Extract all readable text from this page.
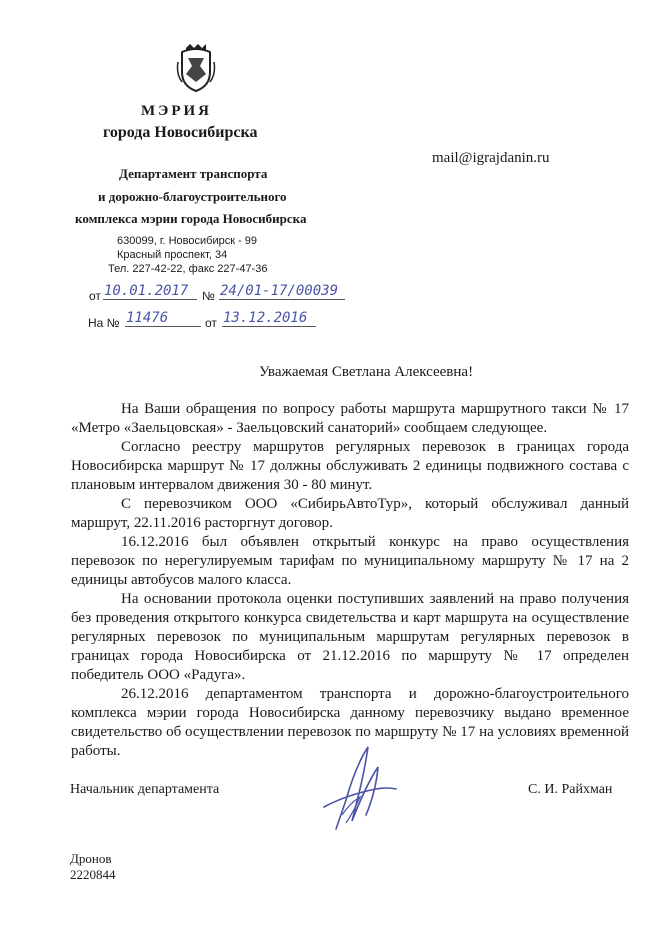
МЭРИЯ
города Новосибирска
Департамент транспорта
и дорожно-благоустроительного
комплекса мэрии города Новосибирска
630099, г. Новосибирск - 99
Красный проспект, 34
Тел. 227-42-22, факс 227-47-36
mail@igrajdanin.ru
от 10.01.2017	№ 24/01-17/00039
На № 11476	от 13.12.2016
Уважаемая Светлана Алексеевна!

На Ваши обращения по вопросу работы маршрута маршрутного такси № 17 «Метро «Заельцовская» - Заельцовский санаторий» сообщаем следующее.

Согласно реестру маршрутов регулярных перевозок в границах города Новосибирска маршрут № 17 должны обслуживать 2 единицы подвижного состава с плановым интервалом движения 30 - 80 минут.

С перевозчиком ООО «СибирьАвтоТур», который обслуживал данный маршрут, 22.11.2016 расторгнут договор.

16.12.2016 был объявлен открытый конкурс на право осуществления перевозок по нерегулируемым тарифам по муниципальному маршруту № 17 на 2 единицы автобусов малого класса.

На основании протокола оценки поступивших заявлений на право получения без проведения открытого конкурса свидетельства и карт маршрута на осуществление регулярных перевозок по муниципальным маршрутам регулярных перевозок в границах города Новосибирска от 21.12.2016 по маршруту № 17 определен победитель ООО «Радуга».

26.12.2016 департаментом транспорта и дорожно-благоустроительного комплекса мэрии города Новосибирска данному перевозчику выдано временное свидетельство об осуществлении перевозок по маршруту № 17 на условиях временной работы.

Начальник департамента	С. И. Райхман
Дронов
2220844
